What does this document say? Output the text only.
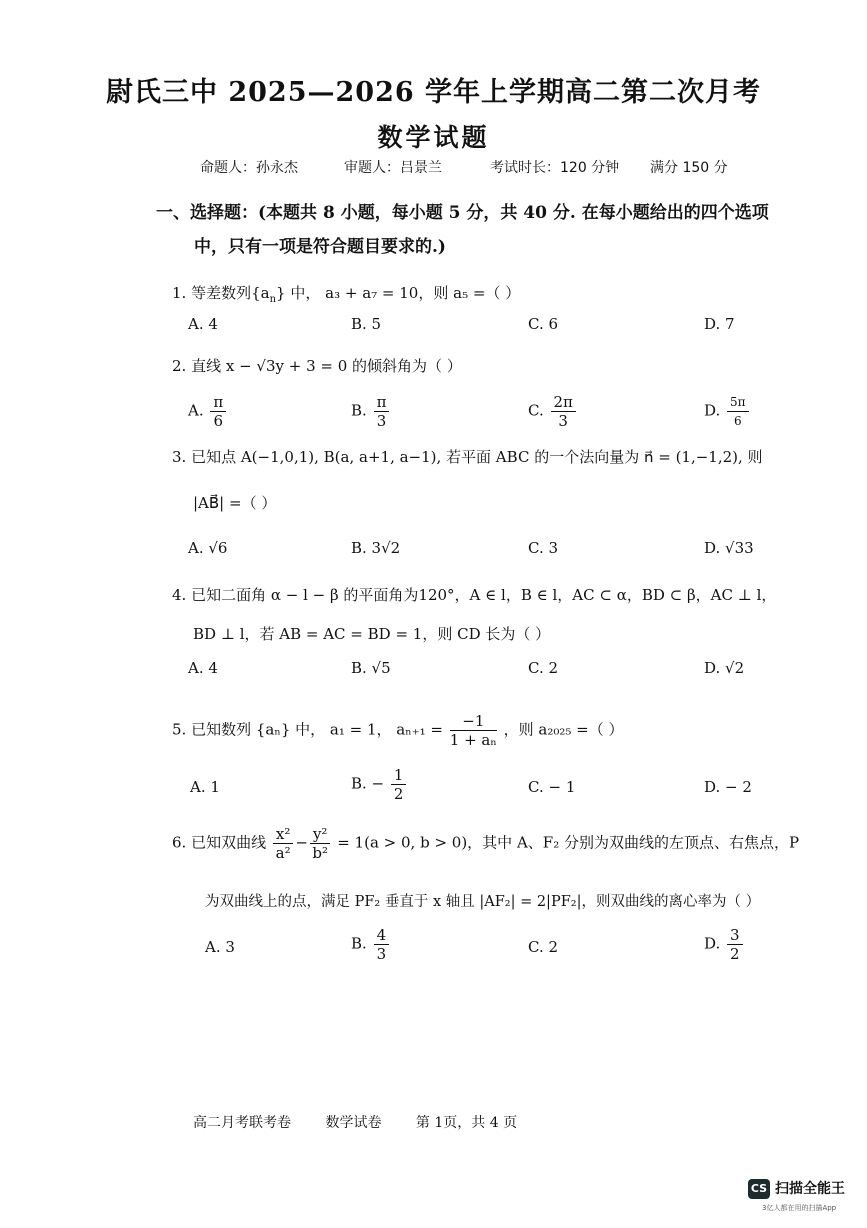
尉氏三中 2025—2026 学年上学期高二第二次月考
数学试题
命题人：孙永杰	审题人：吕景兰	考试时长：120 分钟 满分 150 分
一、选择题：(本题共 8 小题，每小题 5 分，共 40 分. 在每小题给出的四个选项
中，只有一项是符合题目要求的.)
1. 等差数列$\{a_n\}$ 中， a₃ + a₇ = 10，则 a₅ =（ ）
A. 4	B. 5	C. 6	D. 7
2. 直线 x − √3y + 3 = 0 的倾斜角为（ ）
A. $\frac{\pi}{6}$	B. $\frac{\pi}{3}$	C. $\frac{2\pi}{3}$	D. $\frac{5\pi}{6}$
3. 已知点 A(−1,0,1), B(a, a+1, a−1), 若平面 ABC 的一个法向量为 n⃗ = (1,−1,2), 则
|AB⃗| =（ ）
A. √6	B. 3√2	C. 3	D. √33
4. 已知二面角 α − l − β 的平面角为120°，A ∈ l，B ∈ l，AC ⊂ α，BD ⊂ β，AC ⊥ l，
BD ⊥ l，若 AB = AC = BD = 1，则 CD 长为（ ）
A. 4	B. √5	C. 2	D. √2
5. 已知数列 {aₙ} 中， a₁ = 1， $a_{n+1} = \frac{-1}{\text{1 + aₙ}}$ ，则 a₂₀₂₅ =（ ）
A. 1	B. − $\frac{1}{2}$	C. − 1	D. − 2
6. 已知双曲线 $\frac{\text{x²}}{\text{a²}} - \frac{\text{y²}}{\text{b²}} = 1(a > 0$, b > 0)，其中 A、F₂ 分别为双曲线的左顶点、右焦点，P
为双曲线上的点，满足 PF₂ 垂直于 x 轴且 |AF₂| = 2|PF₂|，则双曲线的离心率为（ ）
A. 3	B. $\frac{4}{3}$	C. 2	D. $\frac{3}{2}$
高二月考联考卷 数学试卷 第 1页，共 4 页
CS 扫描全能王
3亿人都在用的扫描App
